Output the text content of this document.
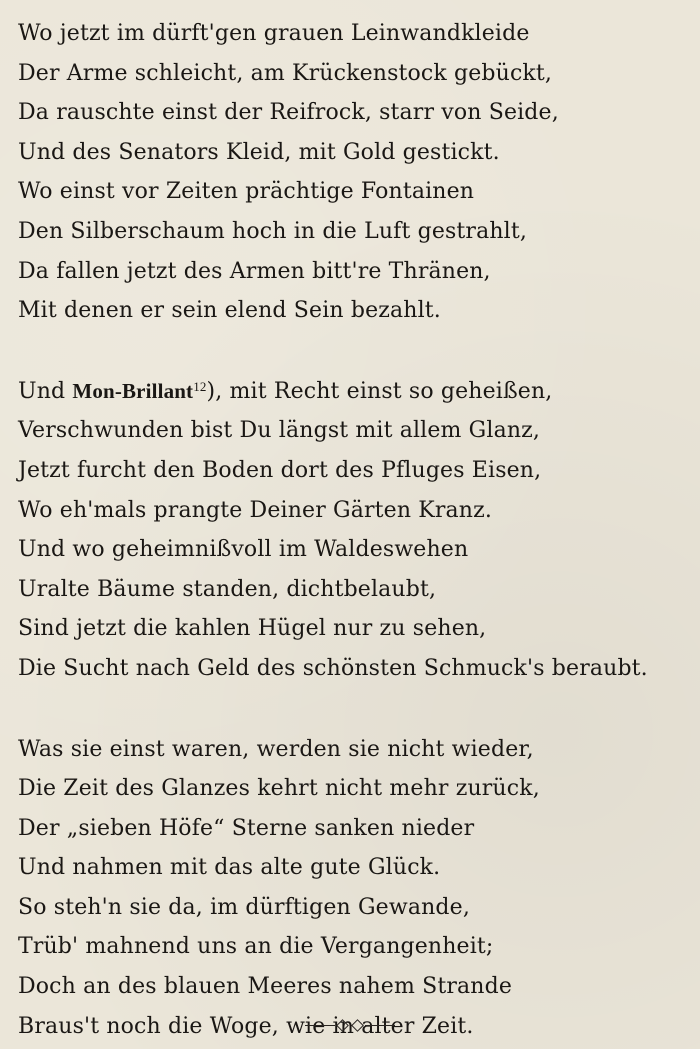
Wo jetzt im dürft'gen grauen Leinwandkleide
Der Arme schleicht, am Krückenstock gebückt,
Da rauschte einst der Reifrock, starr von Seide,
Und des Senators Kleid, mit Gold gestickt.
Wo einst vor Zeiten prächtige Fontainen
Den Silberschaum hoch in die Luft gestrahlt,
Da fallen jetzt des Armen bitt're Thränen,
Mit denen er sein elend Sein bezahlt.
Und Mon-Brillant$^{12}$), mit Recht einst so geheißen,
Verschwunden bist Du längst mit allem Glanz,
Jetzt furcht den Boden dort des Pfluges Eisen,
Wo eh'mals prangte Deiner Gärten Kranz.
Und wo geheimnißvoll im Waldeswehen
Uralte Bäume standen, dichtbelaubt,
Sind jetzt die kahlen Hügel nur zu sehen,
Die Sucht nach Geld des schönsten Schmuck's beraubt.
Was sie einst waren, werden sie nicht wieder,
Die Zeit des Glanzes kehrt nicht mehr zurück,
Der „sieben Höfe“ Sterne sanken nieder
Und nahmen mit das alte gute Glück.
So steh'n sie da, im dürftigen Gewande,
Trüb' mahnend uns an die Vergangenheit;
Doch an des blauen Meeres nahem Strande
Braus't noch die Woge, wie in alter Zeit.
